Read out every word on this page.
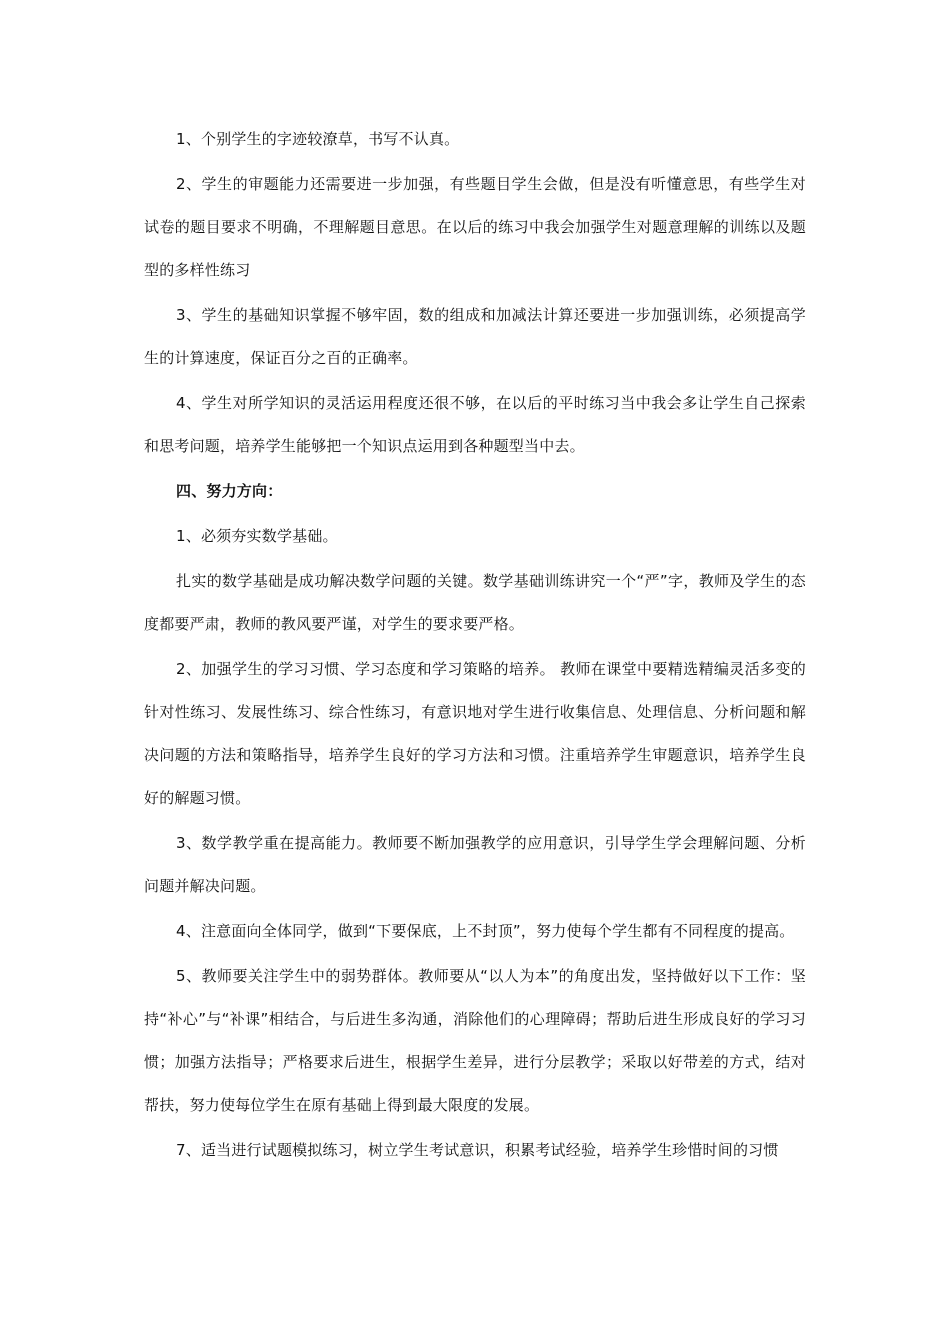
1、个别学生的字迹较潦草，书写不认真。

2、学生的审题能力还需要进一步加强，有些题目学生会做，但是没有听懂意思，有些学生对试卷的题目要求不明确，不理解题目意思。在以后的练习中我会加强学生对题意理解的训练以及题型的多样性练习

3、学生的基础知识掌握不够牢固，数的组成和加减法计算还要进一步加强训练，必须提高学生的计算速度，保证百分之百的正确率。

4、学生对所学知识的灵活运用程度还很不够，在以后的平时练习当中我会多让学生自己探索和思考问题，培养学生能够把一个知识点运用到各种题型当中去。

四、努力方向：

1、必须夯实数学基础。

扎实的数学基础是成功解决数学问题的关键。数学基础训练讲究一个“严”字，教师及学生的态度都要严肃，教师的教风要严谨，对学生的要求要严格。

2、加强学生的学习习惯、学习态度和学习策略的培养。 教师在课堂中要精选精编灵活多变的针对性练习、发展性练习、综合性练习，有意识地对学生进行收集信息、处理信息、分析问题和解决问题的方法和策略指导，培养学生良好的学习方法和习惯。注重培养学生审题意识，培养学生良好的解题习惯。

3、数学教学重在提高能力。教师要不断加强教学的应用意识，引导学生学会理解问题、分析问题并解决问题。

4、注意面向全体同学，做到“下要保底，上不封顶”，努力使每个学生都有不同程度的提高。

5、教师要关注学生中的弱势群体。教师要从“以人为本”的角度出发，坚持做好以下工作：坚持“补心”与“补课”相结合，与后进生多沟通，消除他们的心理障碍；帮助后进生形成良好的学习习惯；加强方法指导；严格要求后进生，根据学生差异，进行分层教学；采取以好带差的方式，结对帮扶，努力使每位学生在原有基础上得到最大限度的发展。

7、适当进行试题模拟练习，树立学生考试意识，积累考试经验，培养学生珍惜时间的习惯
